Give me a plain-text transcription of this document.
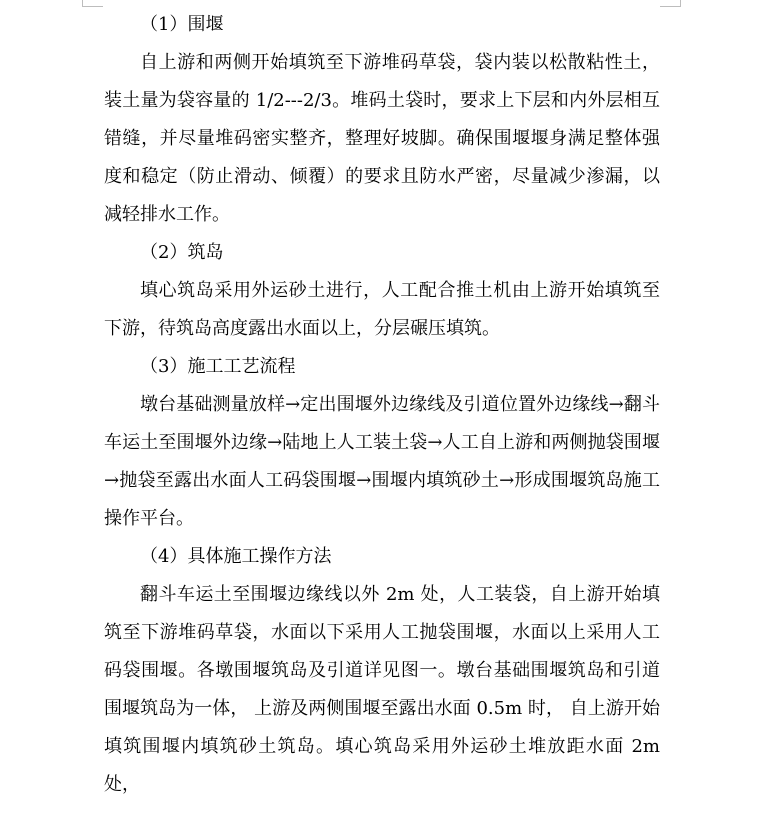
（1）围堰

自上游和两侧开始填筑至下游堆码草袋，袋内装以松散粘性土，装土量为袋容量的 1/2---2/3。堆码土袋时，要求上下层和内外层相互错缝，并尽量堆码密实整齐，整理好坡脚。确保围堰堰身满足整体强度和稳定（防止滑动、倾覆）的要求且防水严密，尽量减少渗漏，以减轻排水工作。

（2）筑岛

填心筑岛采用外运砂土进行，人工配合推土机由上游开始填筑至下游，待筑岛高度露出水面以上，分层碾压填筑。

（3）施工工艺流程

墩台基础测量放样→定出围堰外边缘线及引道位置外边缘线→翻斗车运土至围堰外边缘→陆地上人工装土袋→人工自上游和两侧抛袋围堰→抛袋至露出水面人工码袋围堰→围堰内填筑砂土→形成围堰筑岛施工操作平台。

（4）具体施工操作方法

翻斗车运土至围堰边缘线以外 2m 处，人工装袋，自上游开始填筑至下游堆码草袋，水面以下采用人工抛袋围堰，水面以上采用人工码袋围堰。各墩围堰筑岛及引道详见图一。墩台基础围堰筑岛和引道围堰筑岛为一体， 上游及两侧围堰至露出水面 0.5m 时， 自上游开始填筑围堰内填筑砂土筑岛。填心筑岛采用外运砂土堆放距水面 2m 处，
